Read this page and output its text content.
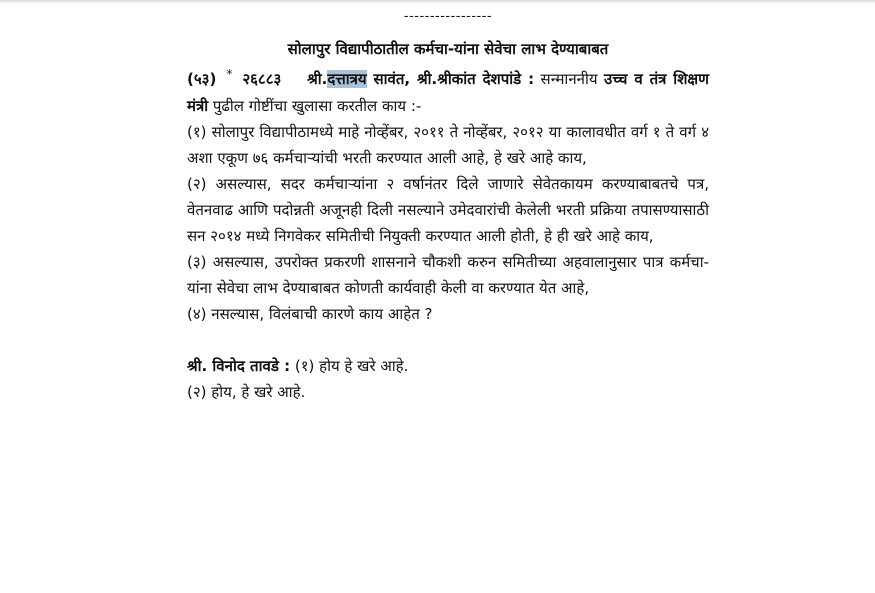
-----------------
सोलापुर विद्यापीठातील कर्मचा-यांना सेवेचा लाभ देण्याबाबत
(५३) * २६८८३ श्री.दत्तात्रय सावंत, श्री.श्रीकांत देशपांडे : सन्माननीय उच्च व तंत्र शिक्षण मंत्री पुढील गोष्टींचा खुलासा करतील काय :-
(१) सोलापुर विद्यापीठामध्ये माहे नोव्हेंबर, २०११ ते नोव्हेंबर, २०१२ या कालावधीत वर्ग १ ते वर्ग ४ अशा एकूण ७६ कर्मचाऱ्यांची भरती करण्यात आली आहे, हे खरे आहे काय,
(२) असल्यास, सदर कर्मचाऱ्यांना २ वर्षानंतर दिले जाणारे सेवेतकायम करण्याबाबतचे पत्र, वेतनवाढ आणि पदोन्नती अजूनही दिली नसल्याने उमेदवारांची केलेली भरती प्रक्रिया तपासण्यासाठी सन २०१४ मध्ये निगवेकर समितीची नियुक्ती करण्यात आली होती, हे ही खरे आहे काय,
(३) असल्यास, उपरोक्त प्रकरणी शासनाने चौकशी करुन समितीच्या अहवालानुसार पात्र कर्मचा-यांना सेवेचा लाभ देण्याबाबत कोणती कार्यवाही केली वा करण्यात येत आहे,
(४) नसल्यास, विलंबाची कारणे काय आहेत ?
श्री. विनोद तावडे : (१) होय हे खरे आहे.
(२) होय, हे खरे आहे.
